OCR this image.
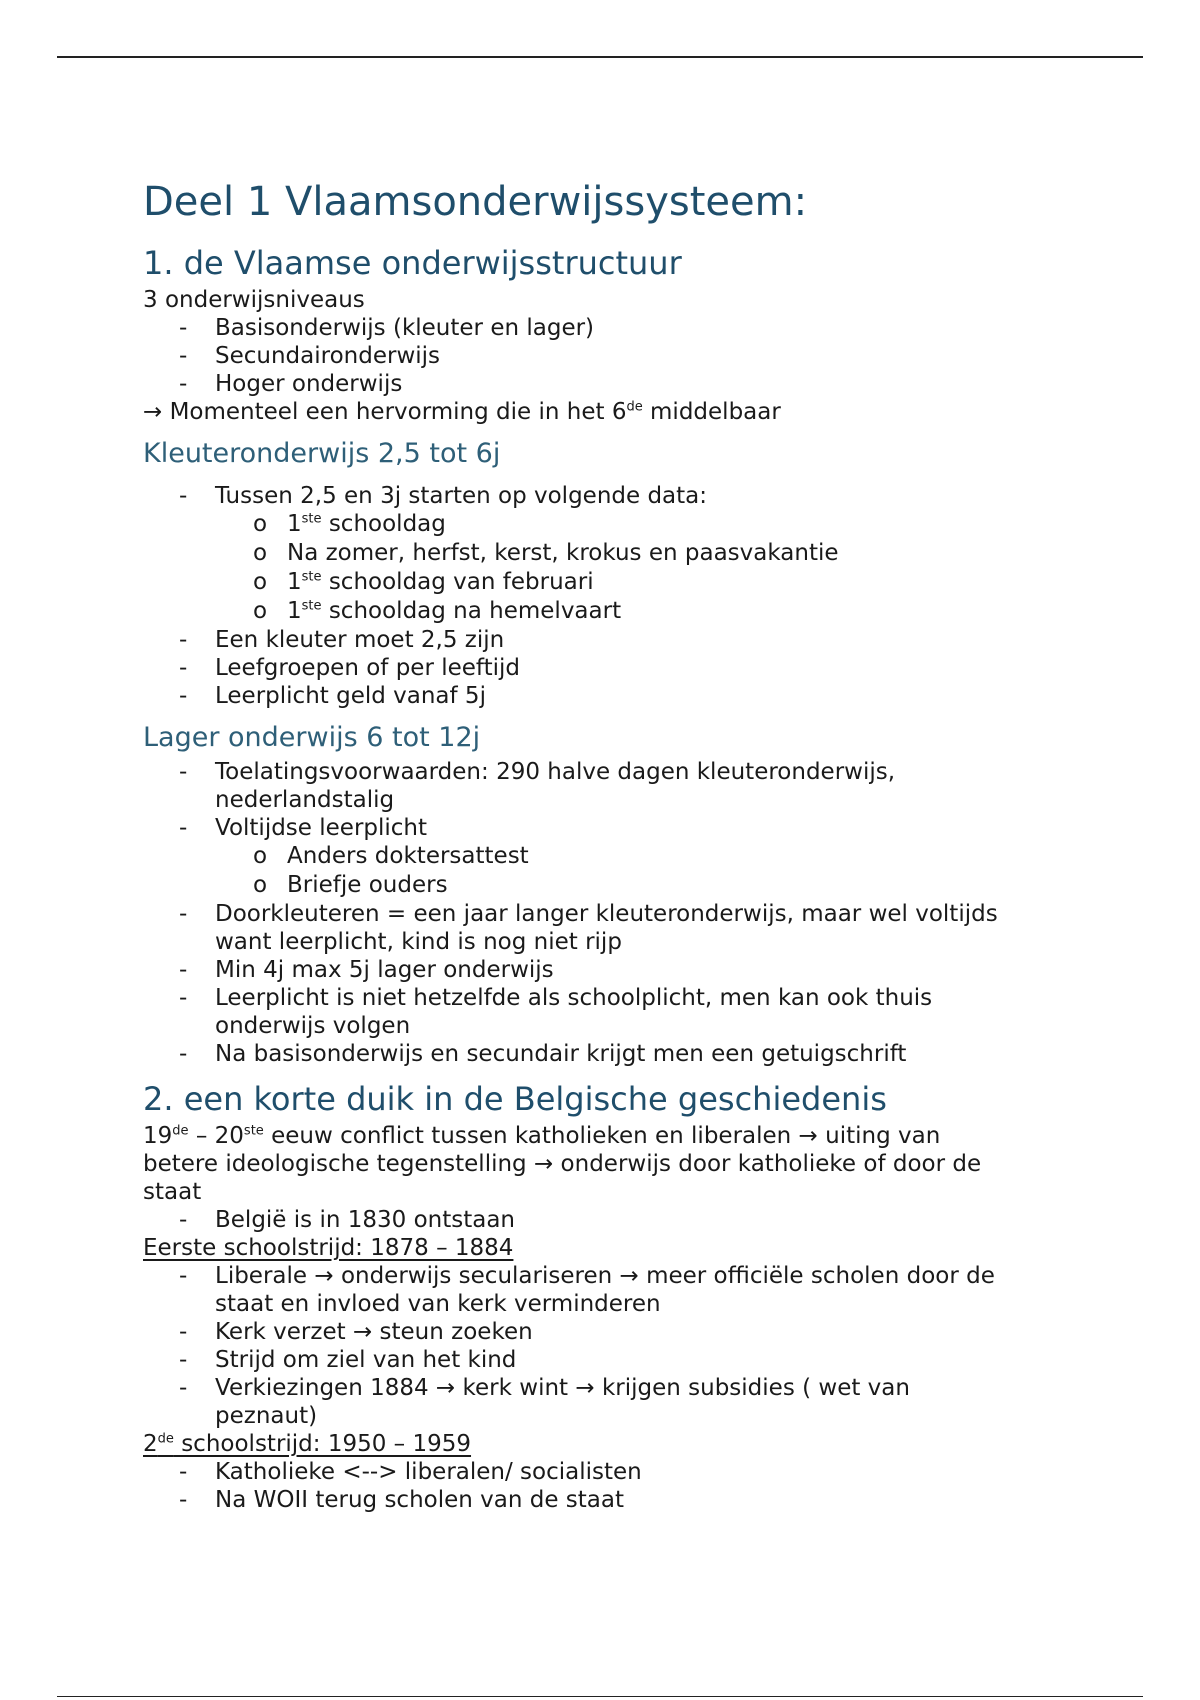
Deel 1 Vlaamsonderwijssysteem:
1. de Vlaamse onderwijsstructuur
3 onderwijsniveaus
- Basisonderwijs (kleuter en lager)
- Secundaironderwijs
- Hoger onderwijs
→ Momenteel een hervorming die in het 6de middelbaar
Kleuteronderwijs 2,5 tot 6j
- Tussen 2,5 en 3j starten op volgende data:
o 1ste schooldag
o Na zomer, herfst, kerst, krokus en paasvakantie
o 1ste schooldag van februari
o 1ste schooldag na hemelvaart
- Een kleuter moet 2,5 zijn
- Leefgroepen of per leeftijd
- Leerplicht geld vanaf 5j
Lager onderwijs 6 tot 12j
- Toelatingsvoorwaarden: 290 halve dagen kleuteronderwijs,
nederlandstalig
- Voltijdse leerplicht
o Anders doktersattest
o Briefje ouders
- Doorkleuteren = een jaar langer kleuteronderwijs, maar wel voltijds
want leerplicht, kind is nog niet rijp
- Min 4j max 5j lager onderwijs
- Leerplicht is niet hetzelfde als schoolplicht, men kan ook thuis
onderwijs volgen
- Na basisonderwijs en secundair krijgt men een getuigschrift
2. een korte duik in de Belgische geschiedenis
19de – 20ste eeuw conflict tussen katholieken en liberalen → uiting van
betere ideologische tegenstelling → onderwijs door katholieke of door de
staat
- België is in 1830 ontstaan
Eerste schoolstrijd: 1878 – 1884
- Liberale → onderwijs seculariseren → meer officiële scholen door de
staat en invloed van kerk verminderen
- Kerk verzet → steun zoeken
- Strijd om ziel van het kind
- Verkiezingen 1884 → kerk wint → krijgen subsidies ( wet van
peznaut)
2de schoolstrijd: 1950 – 1959
- Katholieke <--> liberalen/ socialisten
- Na WOII terug scholen van de staat
